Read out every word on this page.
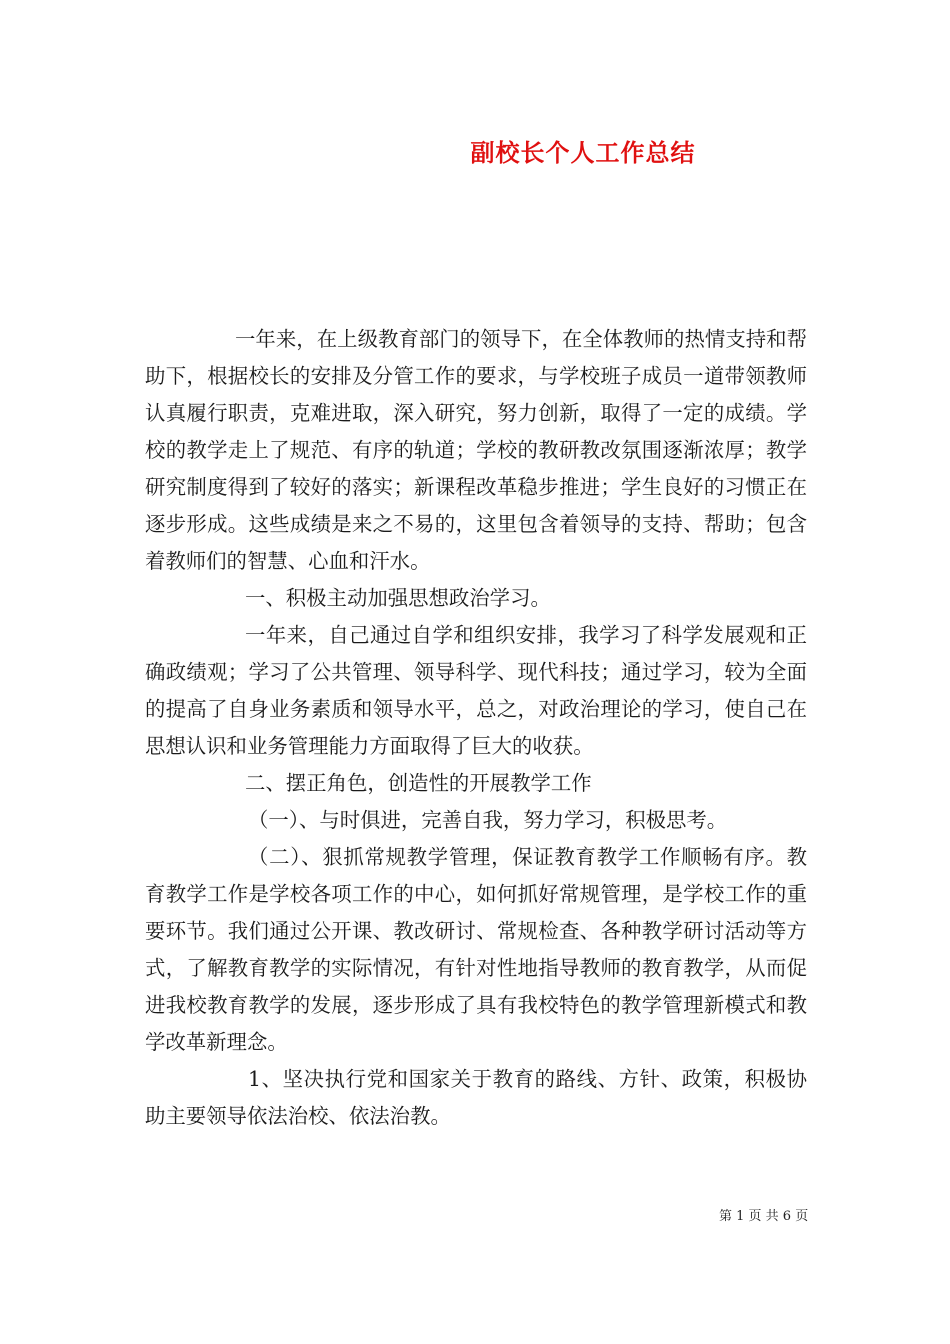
副校长个人工作总结

一年来，在上级教育部门的领导下，在全体教师的热情支持和帮助下，根据校长的安排及分管工作的要求，与学校班子成员一道带领教师认真履行职责，克难进取，深入研究，努力创新，取得了一定的成绩。学校的教学走上了规范、有序的轨道；学校的教研教改氛围逐渐浓厚；教学研究制度得到了较好的落实；新课程改革稳步推进；学生良好的习惯正在逐步形成。这些成绩是来之不易的，这里包含着领导的支持、帮助；包含着教师们的智慧、心血和汗水。

一、积极主动加强思想政治学习。

一年来，自己通过自学和组织安排，我学习了科学发展观和正确政绩观；学习了公共管理、领导科学、现代科技；通过学习，较为全面的提高了自身业务素质和领导水平，总之，对政治理论的学习，使自己在思想认识和业务管理能力方面取得了巨大的收获。

二、摆正角色，创造性的开展教学工作

（一）、与时俱进，完善自我，努力学习，积极思考。

（二）、狠抓常规教学管理，保证教育教学工作顺畅有序。教育教学工作是学校各项工作的中心，如何抓好常规管理，是学校工作的重要环节。我们通过公开课、教改研讨、常规检查、各种教学研讨活动等方式，了解教育教学的实际情况，有针对性地指导教师的教育教学，从而促进我校教育教学的发展，逐步形成了具有我校特色的教学管理新模式和教学改革新理念。

1、坚决执行党和国家关于教育的路线、方针、政策，积极协助主要领导依法治校、依法治教。

第 1 页 共 6 页
